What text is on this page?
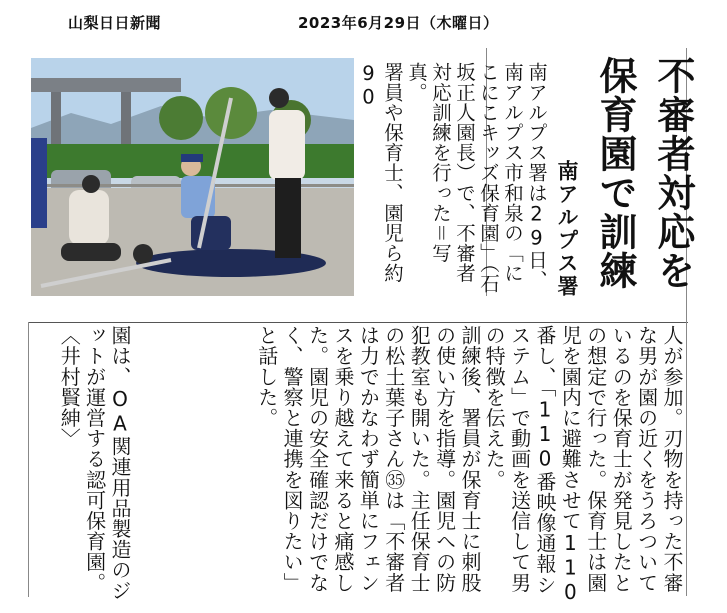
山梨日日新聞	2023年6月29日（木曜日）
不審者対応を
保育園で訓練
南アルプス署
南アルプス署は29日、南アルプス市和泉の「にこにこキッズ保育園」（石坂正人園長）で、不審者対応訓練を行った＝写真。
署員や保育士、園児ら約90
人が参加。刃物を持った不審な男が園の近くをうろついているのを保育士が発見したとの想定で行った。保育士は園児を園内に避難させて110番し、「110番映像通報システム」で動画を送信して男の特徴を伝えた。
訓練後、署員が保育士に刺股の使い方を指導。園児への防犯教室も開いた。主任保育士の松土葉子さん㉟は「不審者は力でかなわず簡単にフェンスを乗り越えて来ると痛感した。園児の安全確認だけでなく、警察と連携を図りたい」と話した。
園は、OA関連用品製造のジットが運営する認可保育園。
〈井村賢紳〉
